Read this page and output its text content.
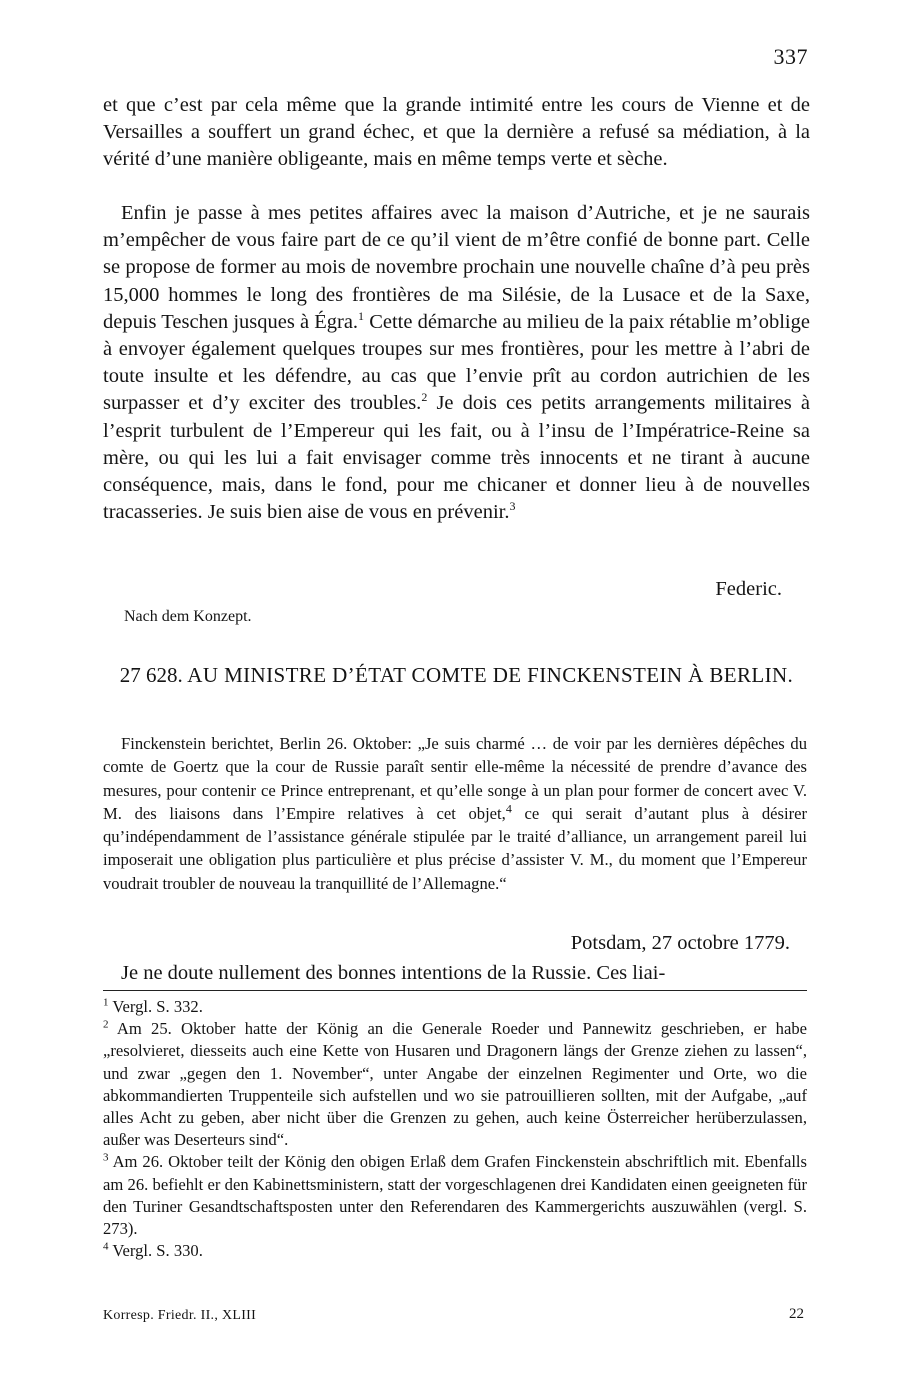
337
et que c’est par cela même que la grande intimité entre les cours de Vienne et de Versailles a souffert un grand échec, et que la dernière a refusé sa médiation, à la vérité d’une manière obligeante, mais en même temps verte et sèche.
Enfin je passe à mes petites affaires avec la maison d’Autriche, et je ne saurais m’empêcher de vous faire part de ce qu’il vient de m’être confié de bonne part. Celle se propose de former au mois de novembre prochain une nouvelle chaîne d’à peu près 15,000 hommes le long des frontières de ma Silésie, de la Lusace et de la Saxe, depuis Teschen jusques à Égra.$^1$ Cette démarche au milieu de la paix rétablie m’oblige à envoyer également quelques troupes sur mes frontières, pour les mettre à l’abri de toute insulte et les défendre, au cas que l’envie prît au cordon autrichien de les surpasser et d’y exciter des troubles.$^2$ Je dois ces petits arrangements militaires à l’esprit turbulent de l’Empereur qui les fait, ou à l’insu de l’Impératrice-Reine sa mère, ou qui les lui a fait envisager comme très innocents et ne tirant à aucune conséquence, mais, dans le fond, pour me chicaner et donner lieu à de nouvelles tracasseries. Je suis bien aise de vous en prévenir.$^3$
Federic.
Nach dem Konzept.
27 628. AU MINISTRE D’ÉTAT COMTE DE FINCKENSTEIN À BERLIN.
Finckenstein berichtet, Berlin 26. Oktober: „Je suis charmé … de voir par les dernières dépêches du comte de Goertz que la cour de Russie paraît sentir elle-même la nécessité de prendre d’avance des mesures, pour contenir ce Prince entreprenant, et qu’elle songe à un plan pour former de concert avec V. M. des liaisons dans l’Empire relatives à cet objet,$^4$ ce qui serait d’autant plus à désirer qu’indépendamment de l’assistance générale stipulée par le traité d’alliance, un arrangement pareil lui imposerait une obligation plus particulière et plus précise d’assister V. M., du moment que l’Empereur voudrait troubler de nouveau la tranquillité de l’Allemagne.“
Potsdam, 27 octobre 1779.
Je ne doute nullement des bonnes intentions de la Russie. Ces liai-

$^1$ Vergl. S. 332.

$^2$ Am 25. Oktober hatte der König an die Generale Roeder und Pannewitz geschrieben, er habe „resolvieret, diesseits auch eine Kette von Husaren und Dragonern längs der Grenze ziehen zu lassen“, und zwar „gegen den 1. November“, unter Angabe der einzelnen Regimenter und Orte, wo die abkommandierten Truppenteile sich aufstellen und wo sie patrouillieren sollten, mit der Aufgabe, „auf alles Acht zu geben, aber nicht über die Grenzen zu gehen, auch keine Österreicher herüberzulassen, außer was Deserteurs sind“.

$^3$ Am 26. Oktober teilt der König den obigen Erlaß dem Grafen Finckenstein abschriftlich mit. Ebenfalls am 26. befiehlt er den Kabinettsministern, statt der vorgeschlagenen drei Kandidaten einen geeigneten für den Turiner Gesandtschaftsposten unter den Referendaren des Kammergerichts auszuwählen (vergl. S. 273).

$^4$ Vergl. S. 330.

Korresp. Friedr. II., XLIII	22
